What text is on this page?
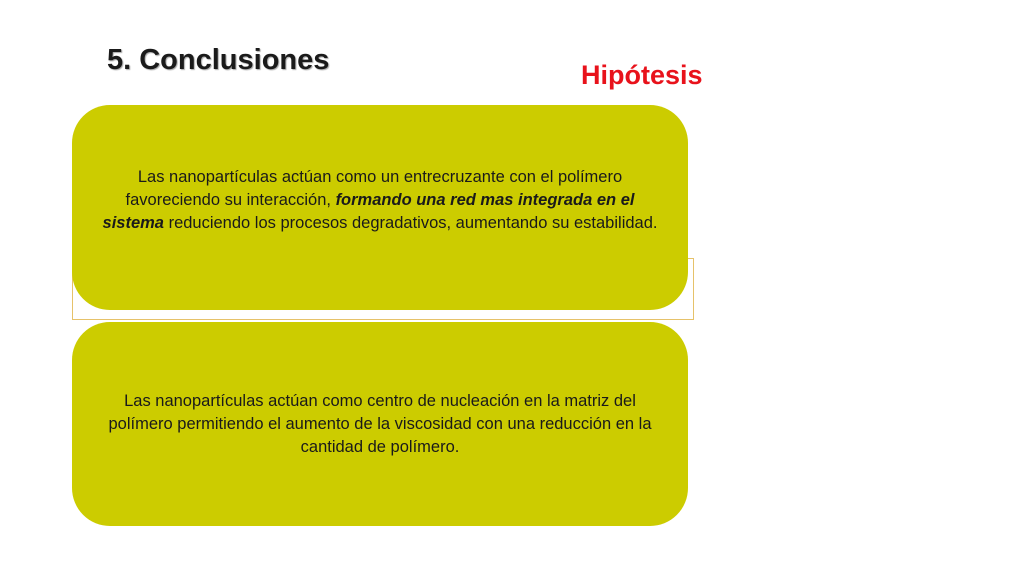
5. Conclusiones	Hipótesis

Las nanopartículas actúan como un entrecruzante con el polímero favoreciendo su interacción, formando una red mas integrada en el sistema reduciendo los procesos degradativos, aumentando su estabilidad.

Las nanopartículas actúan como centro de nucleación en la matriz del polímero permitiendo el aumento de la viscosidad con una reducción en la cantidad de polímero.
